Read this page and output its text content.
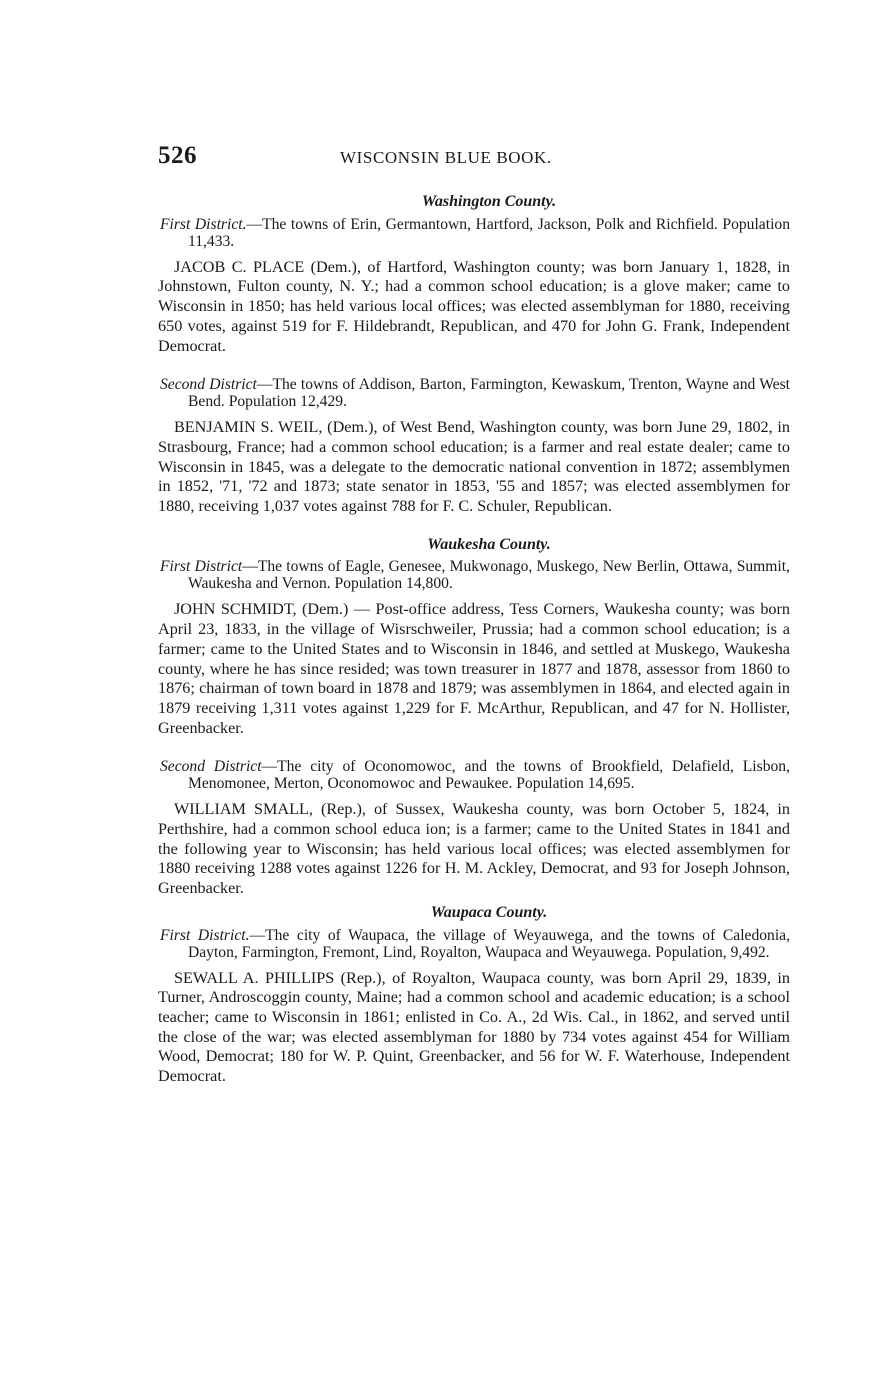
526	WISCONSIN BLUE BOOK.
Washington County.

First District.—The towns of Erin, Germantown, Hartford, Jackson, Polk and Richfield. Population 11,433.

JACOB C. PLACE (Dem.), of Hartford, Washington county; was born January 1, 1828, in Johnstown, Fulton county, N. Y.; had a common school education; is a glove maker; came to Wisconsin in 1850; has held various local offices; was elected assemblyman for 1880, receiving 650 votes, against 519 for F. Hildebrandt, Republican, and 470 for John G. Frank, Independent Democrat.

Second District—The towns of Addison, Barton, Farmington, Kewaskum, Trenton, Wayne and West Bend. Population 12,429.

BENJAMIN S. WEIL, (Dem.), of West Bend, Washington county, was born June 29, 1802, in Strasbourg, France; had a common school education; is a farmer and real estate dealer; came to Wisconsin in 1845, was a delegate to the democratic national convention in 1872; assemblymen in 1852, '71, '72 and 1873; state senator in 1853, '55 and 1857; was elected assemblymen for 1880, receiving 1,037 votes against 788 for F. C. Schuler, Republican.

Waukesha County.

First District—The towns of Eagle, Genesee, Mukwonago, Muskego, New Berlin, Ottawa, Summit, Waukesha and Vernon. Population 14,800.

JOHN SCHMIDT, (Dem.) — Post-office address, Tess Corners, Waukesha county; was born April 23, 1833, in the village of Wisrschweiler, Prussia; had a common school education; is a farmer; came to the United States and to Wisconsin in 1846, and settled at Muskego, Waukesha county, where he has since resided; was town treasurer in 1877 and 1878, assessor from 1860 to 1876; chairman of town board in 1878 and 1879; was assemblymen in 1864, and elected again in 1879 receiving 1,311 votes against 1,229 for F. McArthur, Republican, and 47 for N. Hollister, Greenbacker.

Second District—The city of Oconomowoc, and the towns of Brookfield, Delafield, Lisbon, Menomonee, Merton, Oconomowoc and Pewaukee. Population 14,695.

WILLIAM SMALL, (Rep.), of Sussex, Waukesha county, was born October 5, 1824, in Perthshire, had a common school educa ion; is a farmer; came to the United States in 1841 and the following year to Wisconsin; has held various local offices; was elected assemblymen for 1880 receiving 1288 votes against 1226 for H. M. Ackley, Democrat, and 93 for Joseph Johnson, Greenbacker.

Waupaca County.

First District.—The city of Waupaca, the village of Weyauwega, and the towns of Caledonia, Dayton, Farmington, Fremont, Lind, Royalton, Waupaca and Weyauwega. Population, 9,492.

SEWALL A. PHILLIPS (Rep.), of Royalton, Waupaca county, was born April 29, 1839, in Turner, Androscoggin county, Maine; had a common school and academic education; is a school teacher; came to Wisconsin in 1861; enlisted in Co. A., 2d Wis. Cal., in 1862, and served until the close of the war; was elected assemblyman for 1880 by 734 votes against 454 for William Wood, Democrat; 180 for W. P. Quint, Greenbacker, and 56 for W. F. Waterhouse, Independent Democrat.
